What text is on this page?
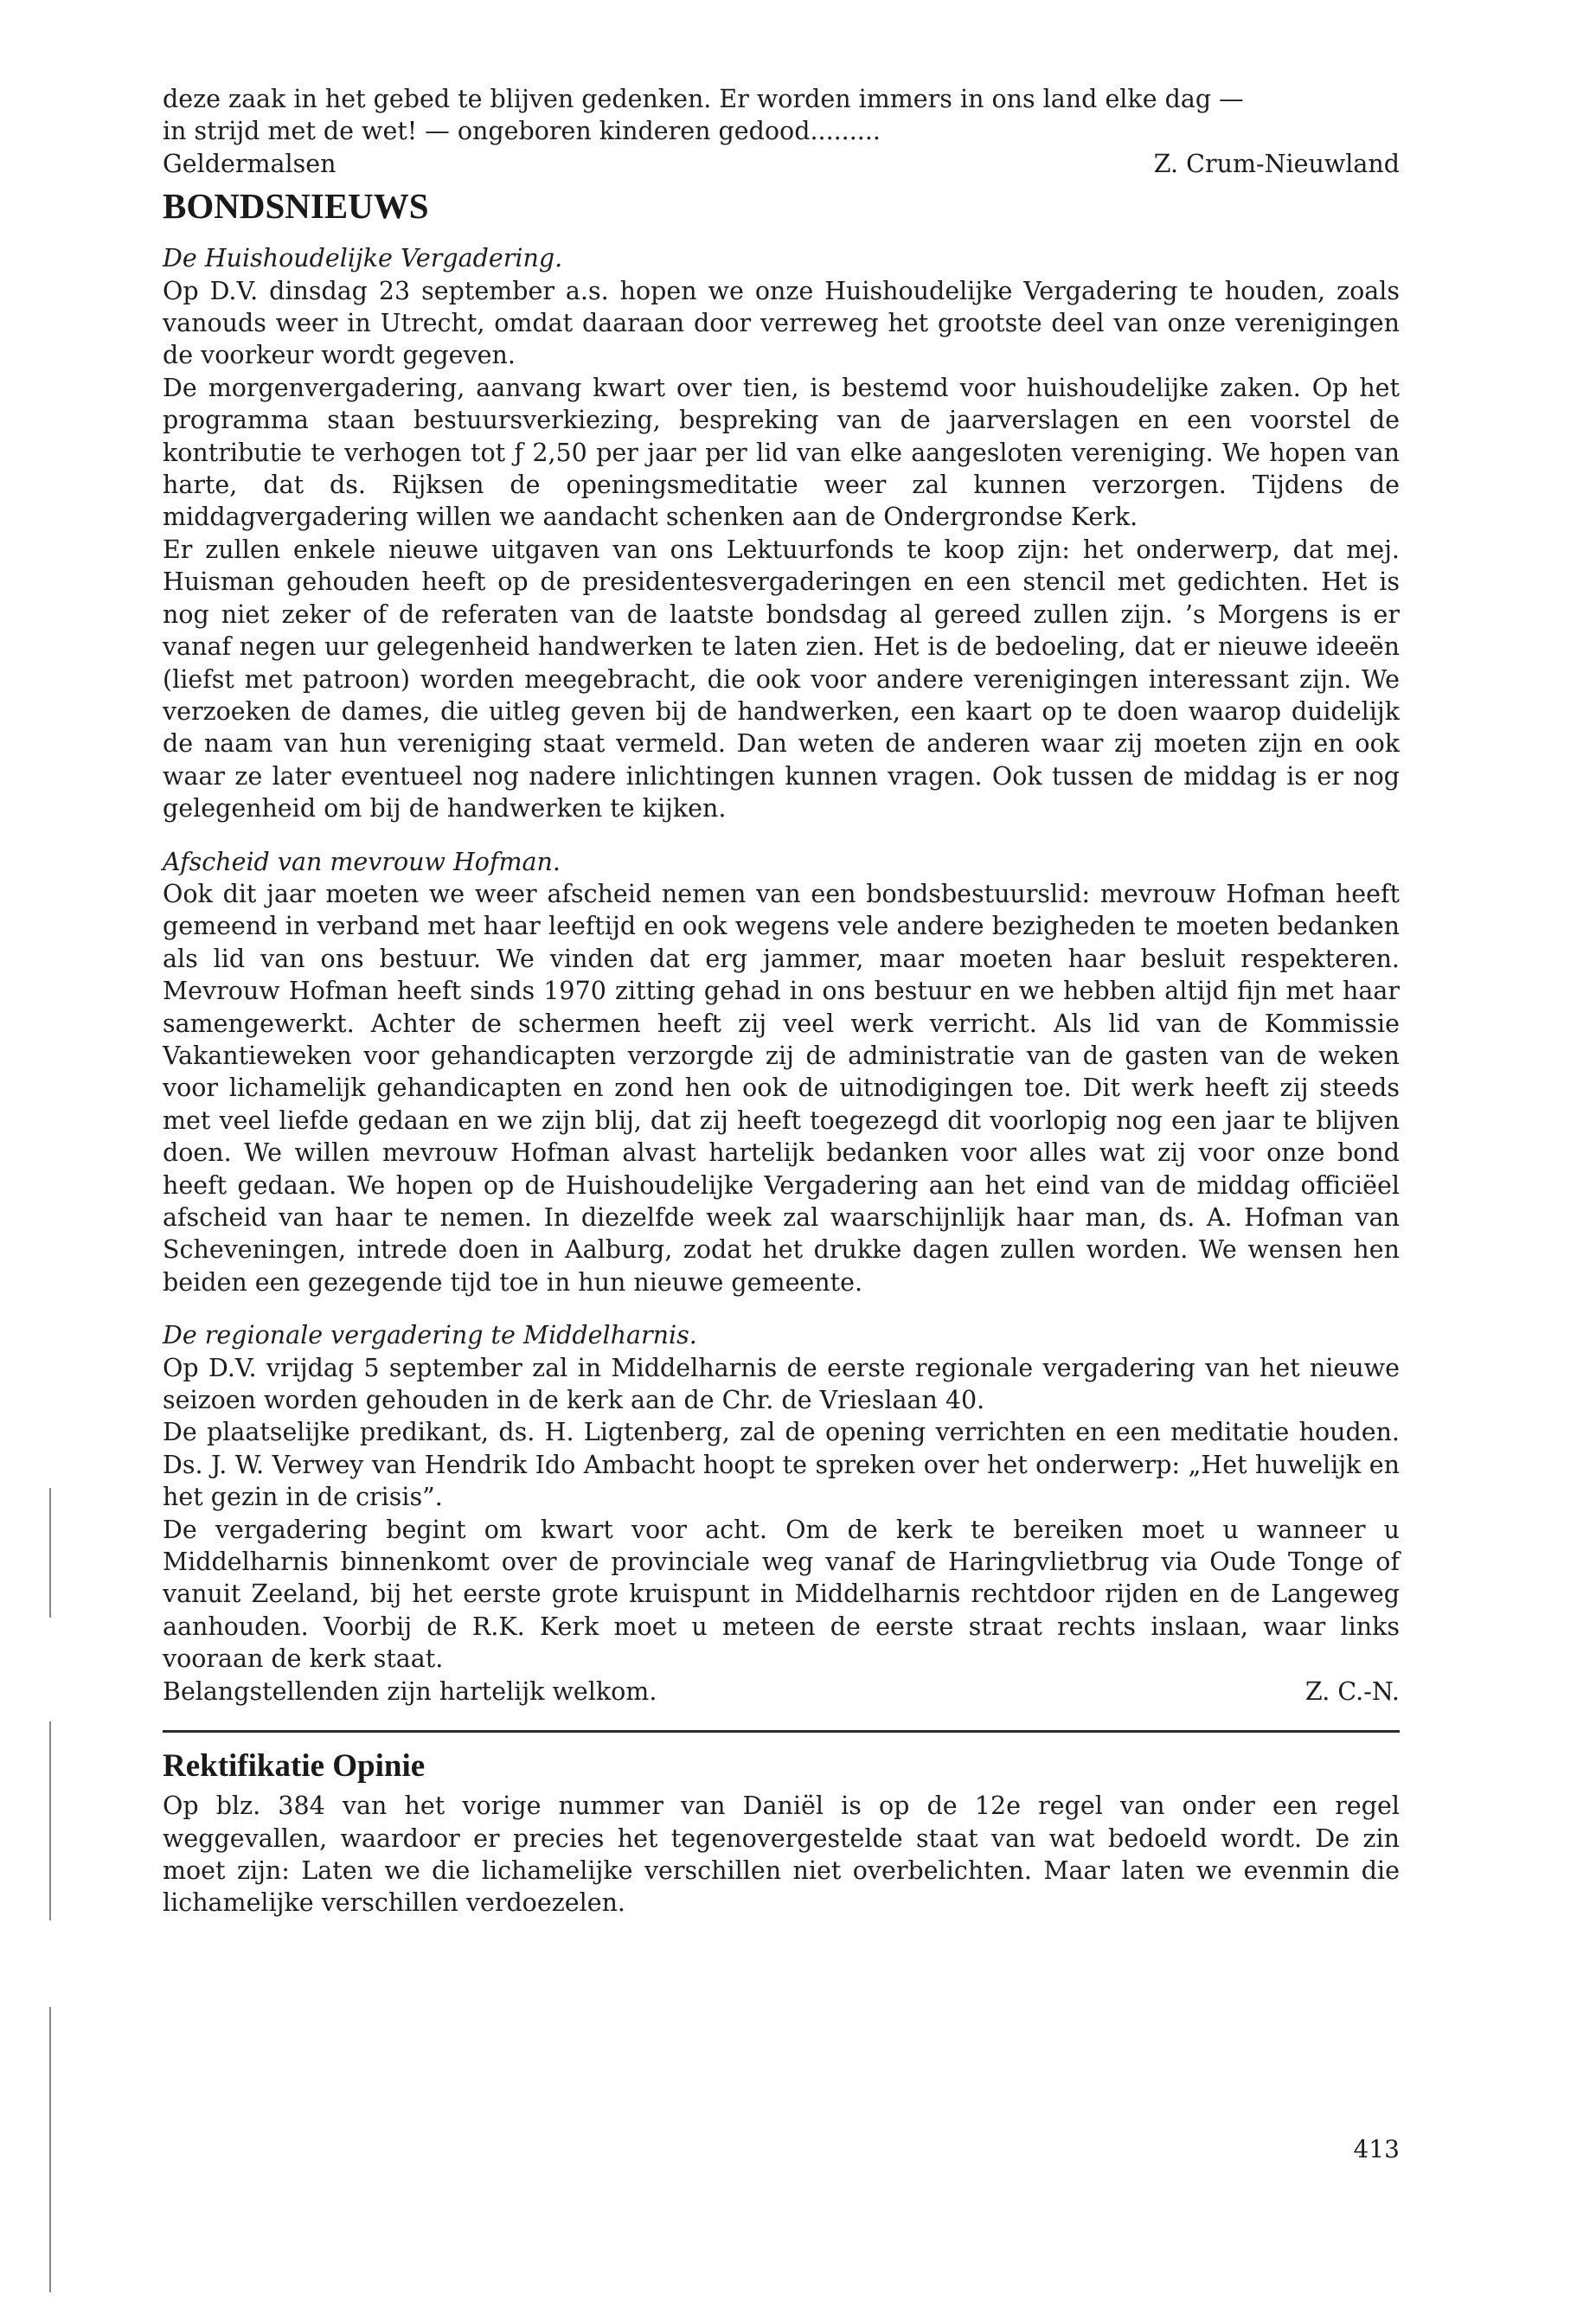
deze zaak in het gebed te blijven gedenken. Er worden immers in ons land elke dag —

in strijd met de wet! — ongeboren kinderen gedood.........

Geldermalsen	Z. Crum-Nieuwland
BONDSNIEUWS

De Huishoudelijke Vergadering.

Op D.V. dinsdag 23 september a.s. hopen we onze Huishoudelijke Vergadering te houden, zoals vanouds weer in Utrecht, omdat daaraan door verreweg het grootste deel van onze verenigingen de voorkeur wordt gegeven.

De morgenvergadering, aanvang kwart over tien, is bestemd voor huishoudelijke zaken. Op het programma staan bestuursverkiezing, bespreking van de jaarverslagen en een voorstel de kontributie te verhogen tot ƒ 2,50 per jaar per lid van elke aangesloten vereniging. We hopen van harte, dat ds. Rijksen de openingsmeditatie weer zal kunnen verzorgen. Tijdens de middagvergadering willen we aandacht schenken aan de Ondergrondse Kerk.

Er zullen enkele nieuwe uitgaven van ons Lektuurfonds te koop zijn: het onderwerp, dat mej. Huisman gehouden heeft op de presidentesvergaderingen en een stencil met gedichten. Het is nog niet zeker of de referaten van de laatste bondsdag al gereed zullen zijn. ’s Morgens is er vanaf negen uur gelegenheid handwerken te laten zien. Het is de bedoeling, dat er nieuwe ideeën (liefst met patroon) worden meegebracht, die ook voor andere verenigingen interessant zijn. We verzoeken de dames, die uitleg geven bij de handwerken, een kaart op te doen waarop duidelijk de naam van hun vereniging staat vermeld. Dan weten de anderen waar zij moeten zijn en ook waar ze later eventueel nog nadere inlichtingen kunnen vragen. Ook tussen de middag is er nog gelegenheid om bij de handwerken te kijken.

Afscheid van mevrouw Hofman.

Ook dit jaar moeten we weer afscheid nemen van een bondsbestuurslid: mevrouw Hofman heeft gemeend in verband met haar leeftijd en ook wegens vele andere bezigheden te moeten bedanken als lid van ons bestuur. We vinden dat erg jammer, maar moeten haar besluit respekteren. Mevrouw Hofman heeft sinds 1970 zitting gehad in ons bestuur en we hebben altijd fijn met haar samengewerkt. Achter de schermen heeft zij veel werk verricht. Als lid van de Kommissie Vakantieweken voor gehandicapten verzorgde zij de administratie van de gasten van de weken voor lichamelijk gehandicapten en zond hen ook de uitnodigingen toe. Dit werk heeft zij steeds met veel liefde gedaan en we zijn blij, dat zij heeft toegezegd dit voorlopig nog een jaar te blijven doen. We willen mevrouw Hofman alvast hartelijk bedanken voor alles wat zij voor onze bond heeft gedaan. We hopen op de Huishoudelijke Vergadering aan het eind van de middag officiëel afscheid van haar te nemen. In diezelfde week zal waarschijnlijk haar man, ds. A. Hofman van Scheveningen, intrede doen in Aalburg, zodat het drukke dagen zullen worden. We wensen hen beiden een gezegende tijd toe in hun nieuwe gemeente.

De regionale vergadering te Middelharnis.

Op D.V. vrijdag 5 september zal in Middelharnis de eerste regionale vergadering van het nieuwe seizoen worden gehouden in de kerk aan de Chr. de Vrieslaan 40.

De plaatselijke predikant, ds. H. Ligtenberg, zal de opening verrichten en een meditatie houden. Ds. J. W. Verwey van Hendrik Ido Ambacht hoopt te spreken over het onderwerp: „Het huwelijk en het gezin in de crisis”.

De vergadering begint om kwart voor acht. Om de kerk te bereiken moet u wanneer u Middelharnis binnenkomt over de provinciale weg vanaf de Haringvlietbrug via Oude Tonge of vanuit Zeeland, bij het eerste grote kruispunt in Middelharnis rechtdoor rijden en de Langeweg aanhouden. Voorbij de R.K. Kerk moet u meteen de eerste straat rechts inslaan, waar links vooraan de kerk staat.

Belangstellenden zijn hartelijk welkom.	Z. C.-N.
Rektifikatie Opinie

Op blz. 384 van het vorige nummer van Daniël is op de 12e regel van onder een regel weggevallen, waardoor er precies het tegenovergestelde staat van wat bedoeld wordt. De zin moet zijn: Laten we die lichamelijke verschillen niet overbelichten. Maar laten we evenmin die lichamelijke verschillen verdoezelen.

413
